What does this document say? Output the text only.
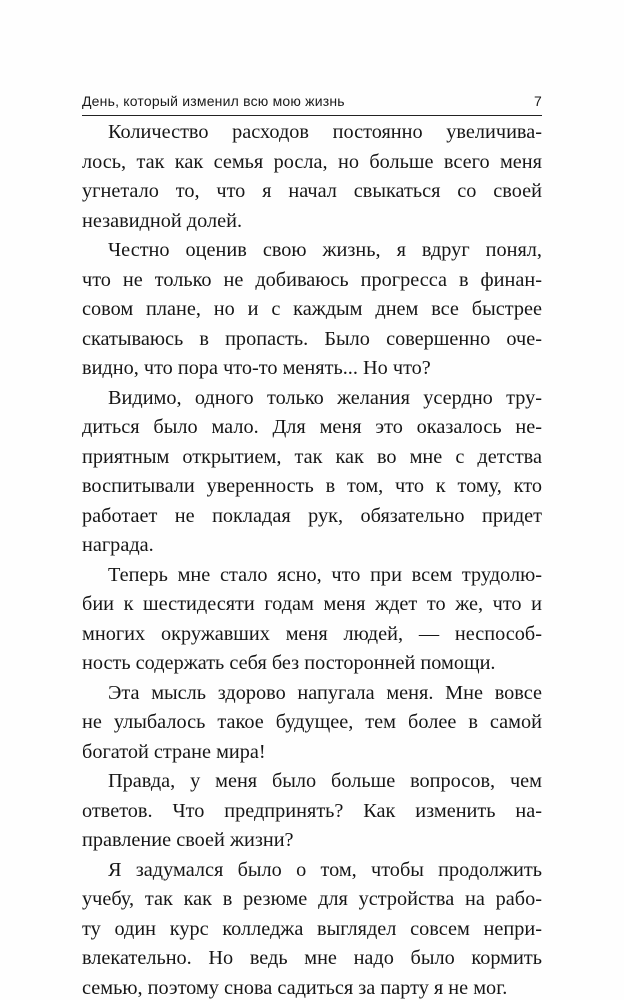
День, который изменил всю мою жизнь	7
Количество расходов постоянно увеличива-
лось, так как семья росла, но больше всего меня
угнетало то, что я начал свыкаться со своей
незавидной долей.
Честно оценив свою жизнь, я вдруг понял,
что не только не добиваюсь прогресса в финан-
совом плане, но и с каждым днем все быстрее
скатываюсь в пропасть. Было совершенно оче-
видно, что пора что-то менять... Но что?
Видимо, одного только желания усердно тру-
диться было мало. Для меня это оказалось не-
приятным открытием, так как во мне с детства
воспитывали уверенность в том, что к тому, кто
работает не покладая рук, обязательно придет
награда.
Теперь мне стало ясно, что при всем трудолю-
бии к шестидесяти годам меня ждет то же, что и
многих окружавших меня людей, — неспособ-
ность содержать себя без посторонней помощи.
Эта мысль здорово напугала меня. Мне вовсе
не улыбалось такое будущее, тем более в самой
богатой стране мира!
Правда, у меня было больше вопросов, чем
ответов. Что предпринять? Как изменить на-
правление своей жизни?
Я задумался было о том, чтобы продолжить
учебу, так как в резюме для устройства на рабо-
ту один курс колледжа выглядел совсем непри-
влекательно. Но ведь мне надо было кормить
семью, поэтому снова садиться за парту я не мог.
